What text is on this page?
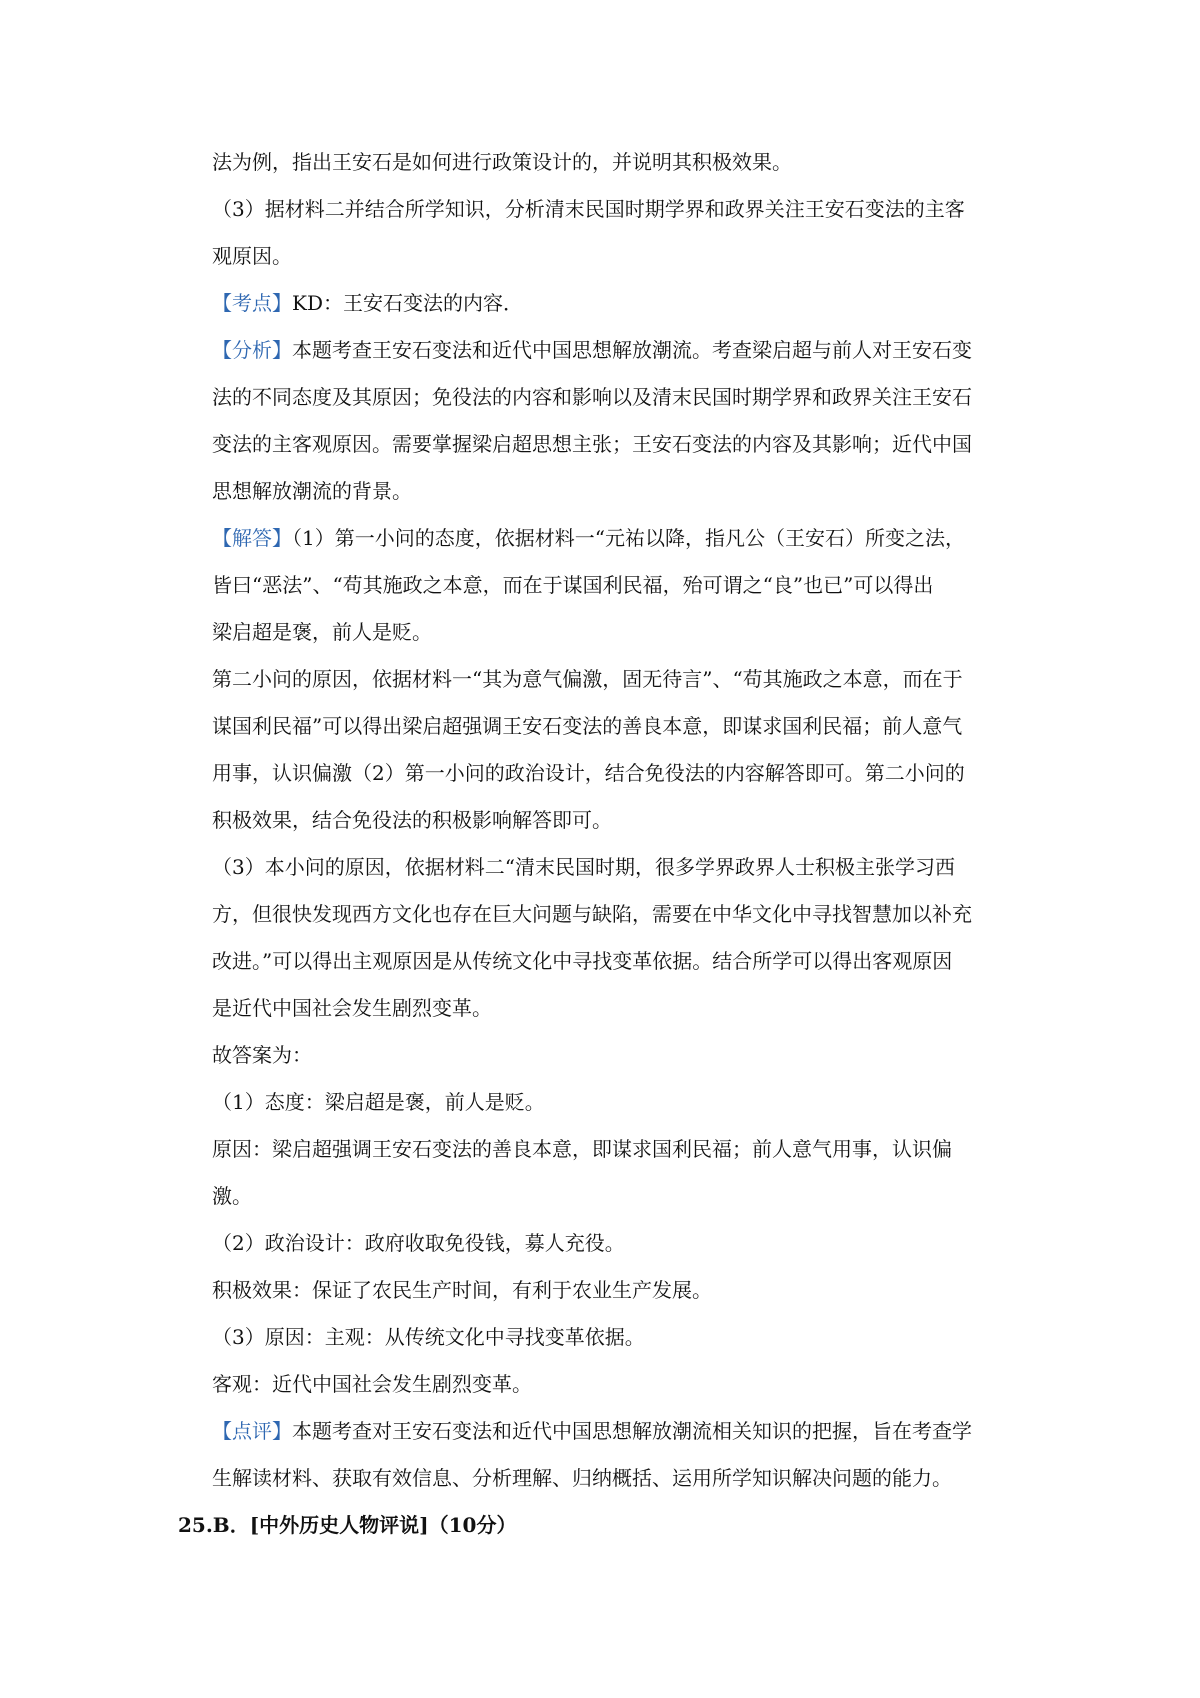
法为例，指出王安石是如何进行政策设计的，并说明其积极效果。
（3）据材料二并结合所学知识，分析清末民国时期学界和政界关注王安石变法的主客
观原因。
【考点】KD：王安石变法的内容．
【分析】本题考查王安石变法和近代中国思想解放潮流。考查梁启超与前人对王安石变
法的不同态度及其原因；免役法的内容和影响以及清末民国时期学界和政界关注王安石
变法的主客观原因。需要掌握梁启超思想主张；王安石变法的内容及其影响；近代中国
思想解放潮流的背景。
【解答】（1）第一小问的态度，依据材料一“元祐以降，指凡公（王安石）所变之法，
皆曰“恶法”、“苟其施政之本意，而在于谋国利民福，殆可谓之“良”也已”可以得出
梁启超是褒，前人是贬。
第二小问的原因，依据材料一“其为意气偏激，固无待言”、“苟其施政之本意，而在于
谋国利民福”可以得出梁启超强调王安石变法的善良本意，即谋求国利民福；前人意气
用事，认识偏激（2）第一小问的政治设计，结合免役法的内容解答即可。第二小问的
积极效果，结合免役法的积极影响解答即可。
（3）本小问的原因，依据材料二“清末民国时期，很多学界政界人士积极主张学习西
方，但很快发现西方文化也存在巨大问题与缺陷，需要在中华文化中寻找智慧加以补充
改进。”可以得出主观原因是从传统文化中寻找变革依据。结合所学可以得出客观原因
是近代中国社会发生剧烈变革。
故答案为：
（1）态度：梁启超是褒，前人是贬。
原因：梁启超强调王安石变法的善良本意，即谋求国利民福；前人意气用事，认识偏
激。
（2）政治设计：政府收取免役钱，募人充役。
积极效果：保证了农民生产时间，有利于农业生产发展。
（3）原因：主观：从传统文化中寻找变革依据。
客观：近代中国社会发生剧烈变革。
【点评】本题考查对王安石变法和近代中国思想解放潮流相关知识的把握，旨在考查学
生解读材料、获取有效信息、分析理解、归纳概括、运用所学知识解决问题的能力。
25.B．[中外历史人物评说]（10分）
